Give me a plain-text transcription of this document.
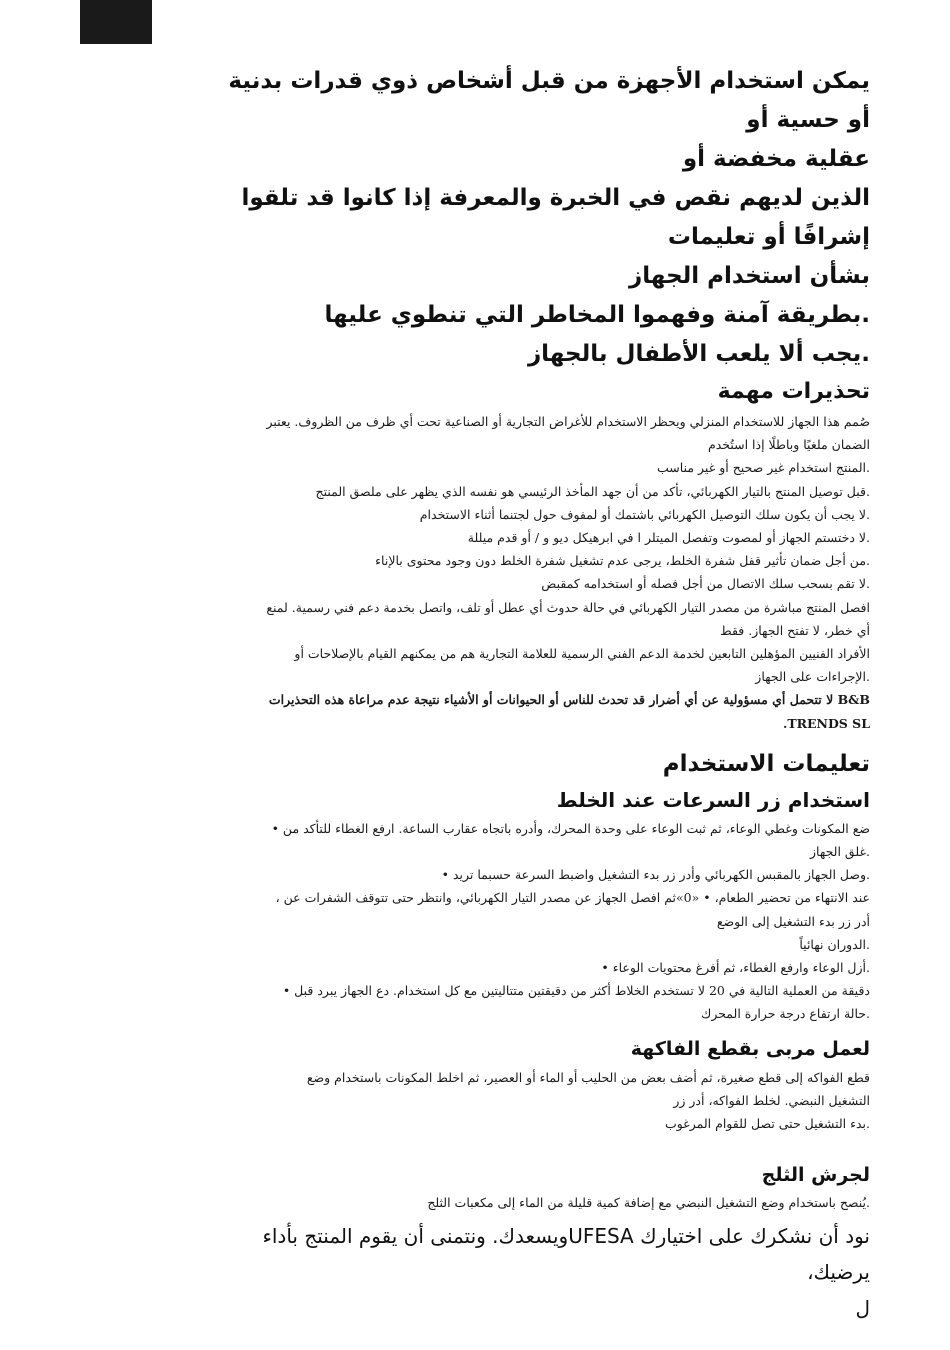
يمكن استخدام الأجهزة من قبل أشخاص ذوي قدرات بدنية أو حسية أو

عقلية مخفضة أو

الذين لديهم نقص في الخبرة والمعرفة إذا كانوا قد تلقوا إشرافًا أو تعليمات

بشأن استخدام الجهاز

.بطريقة آمنة وفهموا المخاطر التي تنطوي عليها

.يجب ألا يلعب الأطفال بالجهاز

تحذيرات مهمة

صُمم هذا الجهاز للاستخدام المنزلي ويحظر الاستخدام للأغراض التجارية أو الصناعية تحت أي ظرف من الظروف. يعتبر

الضمان ملغيًا وباطلًا إذا استُخدم

.المنتج استخدام غير صحيح أو غير مناسب

.قبل توصيل المنتج بالتيار الكهربائي، تأكد من أن جهد المأخذ الرئيسي هو نفسه الذي يظهر على ملصق المنتج

.لا يجب أن يكون سلك التوصيل الكهربائي باشتمك أو لمفوف حول لجتنما أثناء الاستخدام

.لا دختستم الجهاز أو لمصوت وتفصل الميتلر ا في ابرهيكل ديو و / أو قدم ميللة

.من أجل ضمان تأثير قفل شفرة الخلط، يرجى عدم تشغيل شفرة الخلط دون وجود محتوى بالإناء

.لا تقم بسحب سلك الاتصال من أجل فصله أو استخدامه كمقبض

افصل المنتج مباشرة من مصدر التيار الكهربائي في حالة حدوث أي عطل أو تلف، واتصل بخدمة دعم فني رسمية. لمنع

أي خطر، لا تفتح الجهاز. فقط

الأفراد الفنيين المؤهلين التابعين لخدمة الدعم الفني الرسمية للعلامة التجارية هم من يمكنهم القيام بالإصلاحات أو

.الإجراءات على الجهاز

B&B لا تتحمل أي مسؤولية عن أي أضرار قد تحدث للناس أو الحيوانات أو الأشياء نتيجة عدم مراعاة هذه التحذيرات

TRENDS SL.

تعليمات الاستخدام
استخدام زر السرعات عند الخلط

ضع المكونات وغطي الوعاء، ثم ثبت الوعاء على وحدة المحرك، وأدره باتجاه عقارب الساعة. ارفع الغطاء للتأكد من •

.غلق الجهاز

.وصل الجهاز بالمقبس الكهربائي وأدر زر بدء التشغيل واضبط السرعة حسبما تريد •

عند الانتهاء من تحضير الطعام، • «0»ثم افصل الجهاز عن مصدر التيار الكهربائي، وانتظر حتى تتوقف الشفرات عن ،

أدر زر بدء التشغيل إلى الوضع

.الدوران نهائياً

.أزل الوعاء وارفع الغطاء، ثم أفرغ محتويات الوعاء •

دقيقة من العملية التالية في 20 لا تستخدم الخلاط أكثر من دقيقتين متتاليتين مع كل استخدام. دع الجهاز يبرد قبل •

.حالة ارتفاع درجة حرارة المحرك

لعمل مربى بقطع الفاكهة

قطع الفواكه إلى قطع صغيرة، ثم أضف بعض من الحليب أو الماء أو العصير، ثم اخلط المكونات باستخدام وضع

التشغيل النبضي. لخلط الفواكه، أدر زر

.بدء التشغيل حتى تصل للقوام المرغوب

لجرش الثلج

.يُنصح باستخدام وضع التشغيل النبضي مع إضافة كمية قليلة من الماء إلى مكعبات الثلج

نود أن نشكرك على اختيارك UFESAويسعدك. ونتمنى أن يقوم المنتج بأداء يرضيك،

ل
